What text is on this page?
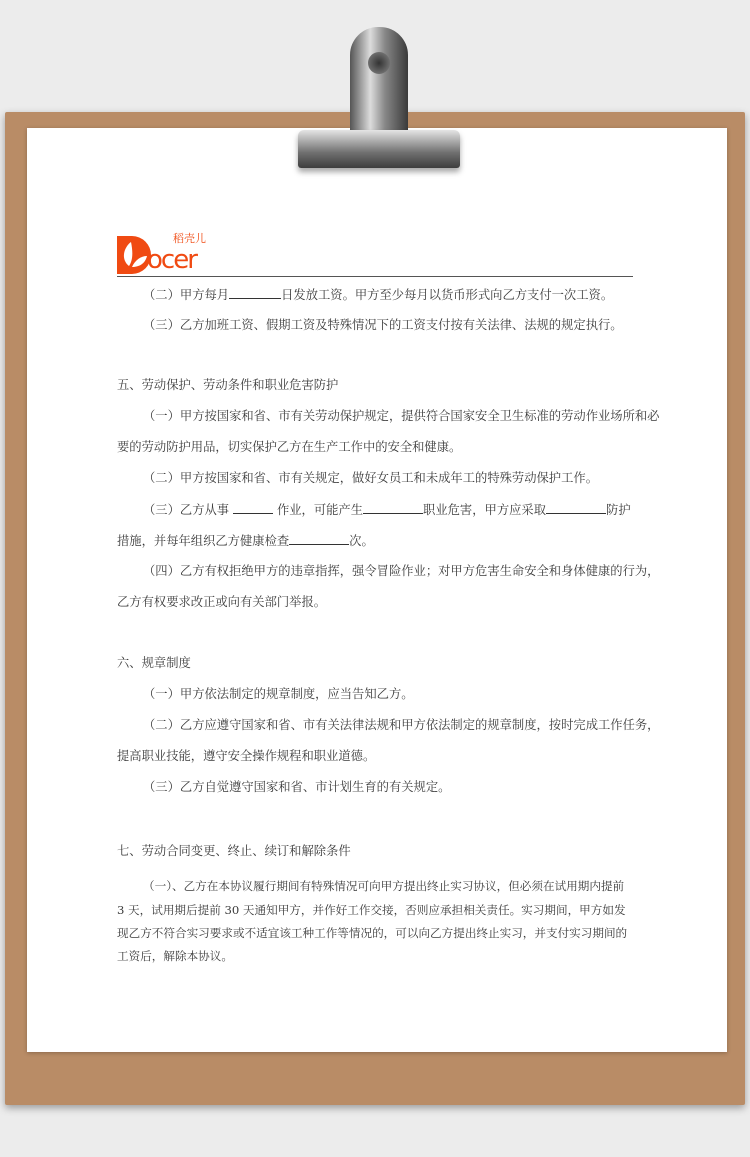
稻壳儿
ocer
（二）甲方每月	日发放工资。甲方至少每月以货币形式向乙方支付一次工资。
（三）乙方加班工资、假期工资及特殊情况下的工资支付按有关法律、法规的规定执行。
五、劳动保护、劳动条件和职业危害防护
（一）甲方按国家和省、市有关劳动保护规定，提供符合国家安全卫生标准的劳动作业场所和必
要的劳动防护用品，切实保护乙方在生产工作中的安全和健康。
（二）甲方按国家和省、市有关规定，做好女员工和未成年工的特殊劳动保护工作。
（三）乙方从事	作业，可能产生	职业危害，甲方应采取	防护
措施，并每年组织乙方健康检查	次。
（四）乙方有权拒绝甲方的违章指挥，强令冒险作业；对甲方危害生命安全和身体健康的行为，
乙方有权要求改正或向有关部门举报。
六、规章制度
（一）甲方依法制定的规章制度，应当告知乙方。
（二）乙方应遵守国家和省、市有关法律法规和甲方依法制定的规章制度，按时完成工作任务，
提高职业技能，遵守安全操作规程和职业道德。
（三）乙方自觉遵守国家和省、市计划生育的有关规定。
七、劳动合同变更、终止、续订和解除条件
（一）、乙方在本协议履行期间有特殊情况可向甲方提出终止实习协议，但必须在试用期内提前
3 天，试用期后提前 30 天通知甲方，并作好工作交接，否则应承担相关责任。实习期间，甲方如发
现乙方不符合实习要求或不适宜该工种工作等情况的，可以向乙方提出终止实习，并支付实习期间的
工资后，解除本协议。
